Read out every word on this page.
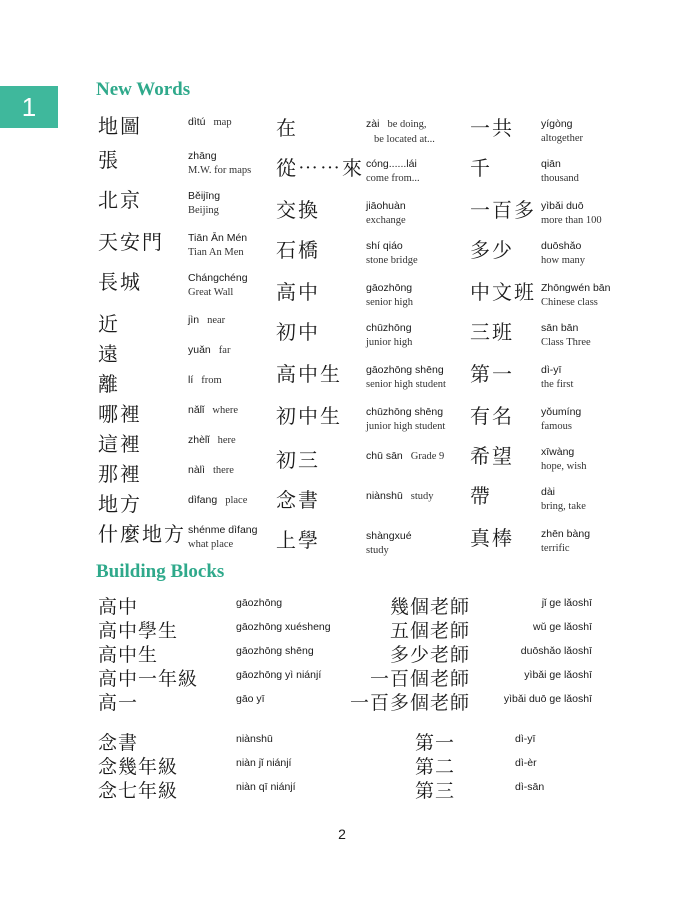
1
New Words
地圖	dìtú map
張	zhāng
M.W. for maps
北京	Běijīng
Beijing
天安門 Tiān Ān Mén
Tian An Men
長城	Chángchéng
Great Wall
近	jìn near
遠	yuǎn far
離	lí from
哪裡	nǎlǐ where
這裡	zhèlǐ here
那裡	nàlì there
地方	dìfang place
什麼地方 shénme dìfang
what place
在	zài be doing,
be located at...
從⋯⋯來 cóng......lái
come from...
交換	jiāohuàn
exchange
石橋	shí qiáo
stone bridge
高中	gāozhōng
senior high
初中	chūzhōng
junior high
高中生 gāozhōng shēng
senior high student
初中生 chūzhōng shēng
junior high student
初三	chū sān Grade 9
念書	niànshū study
上學	shàngxué
study
一共	yígòng
altogether
千	qiān
thousand
一百多 yìbǎi duō
more than 100
多少	duōshǎo
how many
中文班 Zhōngwén bān
Chinese class
三班	sān bān
Class Three
第一	dì-yī
the first
有名	yǒumíng
famous
希望	xīwàng
hope, wish
帶	dài
bring, take
真棒	zhēn bàng
terrific
Building Blocks
高中	gāozhōng
高中學生	gāozhōng xuésheng
高中生	gāozhōng shēng
高中一年級	gāozhōng yì niánjí
高一	gāo yī
幾個老師	jǐ ge lǎoshī
五個老師	wǔ ge lǎoshī
多少老師	duōshǎo lǎoshī
一百個老師	yìbǎi ge lǎoshī
一百多個老師	yìbǎi duō ge lǎoshī
念書	niànshū
念幾年級	niàn jǐ niánjí
念七年級	niàn qī niánjí
第一	dì-yī
第二	dì-èr
第三	dì-sān
2
